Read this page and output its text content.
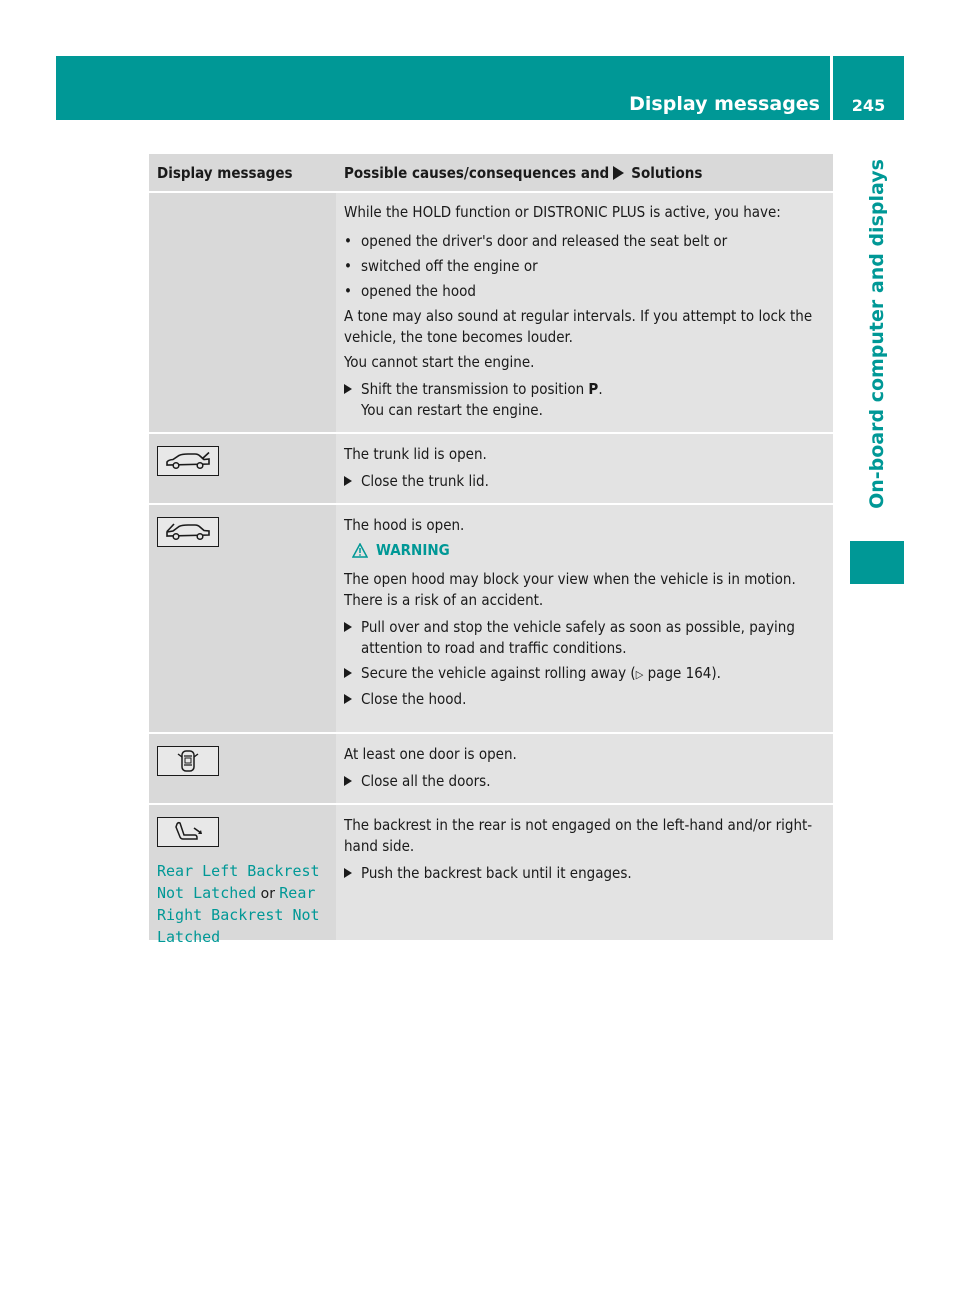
Display messages	245
On-board computer and displays
Display messages	Possible causes/consequences and Solutions
While the HOLD function or DISTRONIC PLUS is active, you have:
• opened the driver's door and released the seat belt or
• switched off the engine or
• opened the hood
A tone may also sound at regular intervals. If you attempt to lock the vehicle, the tone becomes louder.
You cannot start the engine.
Shift the transmission to position P.
You can restart the engine.
The trunk lid is open.
Close the trunk lid.
The hood is open.
WARNING
The open hood may block your view when the vehicle is in motion. There is a risk of an accident.
Pull over and stop the vehicle safely as soon as possible, paying attention to road and traffic conditions.
Secure the vehicle against rolling away (▷ page 164).
Close the hood.
At least one door is open.
Close all the doors.
Rear Left Backrest
Not Latched or Rear
Right Backrest Not
Latched
The backrest in the rear is not engaged on the left-hand and/or right-hand side.
Push the backrest back until it engages.
